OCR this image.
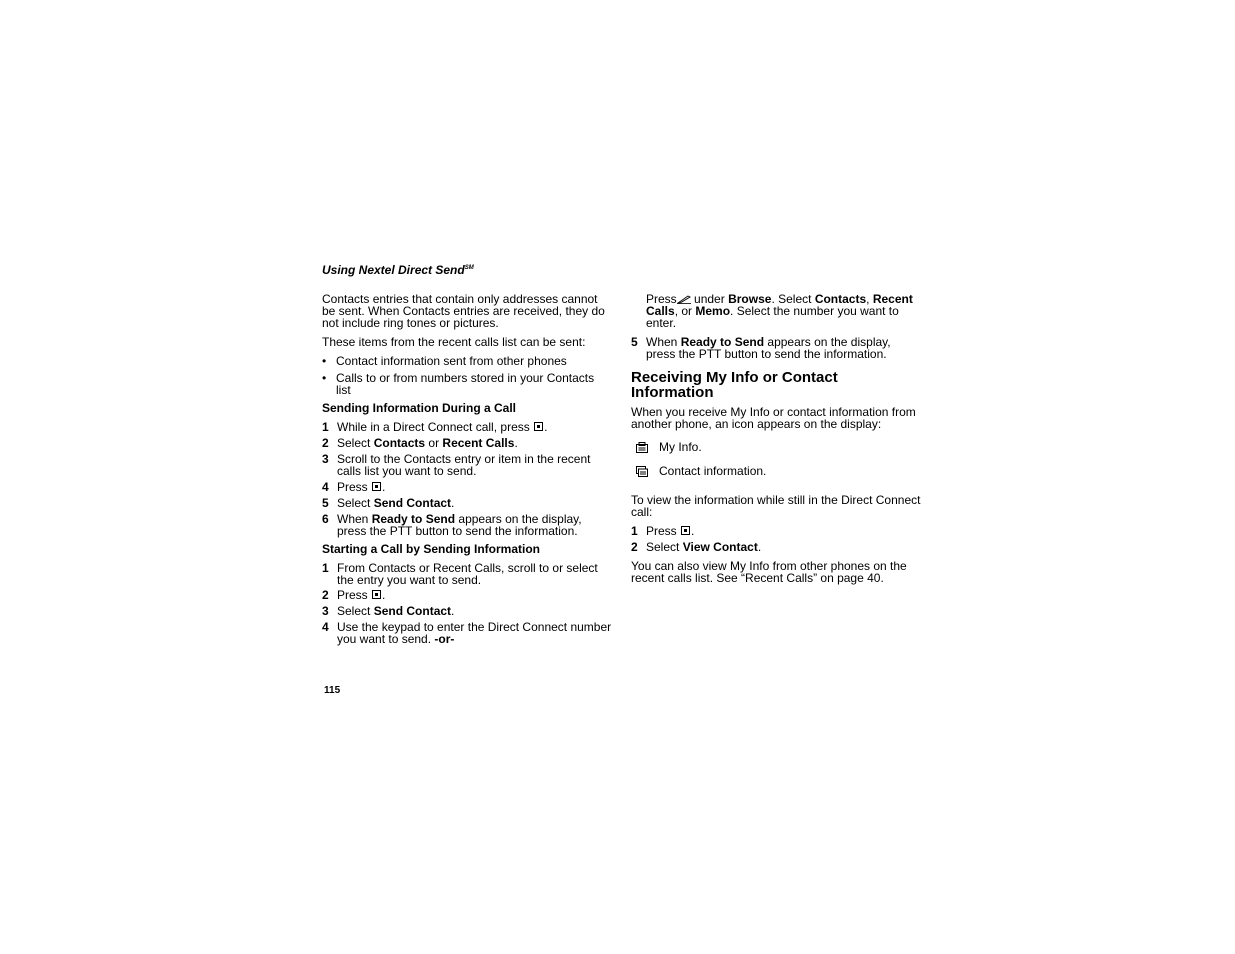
Using Nextel Direct Send℠

Contacts entries that contain only addresses cannot be sent. When Contacts entries are received, they do not include ring tones or pictures.

These items from the recent calls list can be sent:

• Contact information sent from other phones
• Calls to or from numbers stored in your Contacts list

Sending Information During a Call

1 While in a Direct Connect call, press .
2 Select Contacts or Recent Calls.
3 Scroll to the Contacts entry or item in the recent calls list you want to send.
4 Press .
5 Select Send Contact.
6 When Ready to Send appears on the display, press the PTT button to send the information.

Starting a Call by Sending Information

1 From Contacts or Recent Calls, scroll to or select the entry you want to send.
2 Press .
3 Select Send Contact.
4 Use the keypad to enter the Direct Connect number you want to send. -or-
Press under Browse. Select Contacts, Recent Calls, or Memo. Select the number you want to enter.
5 When Ready to Send appears on the display, press the PTT button to send the information.

Receiving My Info or Contact Information

When you receive My Info or contact information from another phone, an icon appears on the display:

My Info.
Contact information.

To view the information while still in the Direct Connect call:

1 Press .
2 Select View Contact.

You can also view My Info from other phones on the recent calls list. See “Recent Calls” on page 40.

115
